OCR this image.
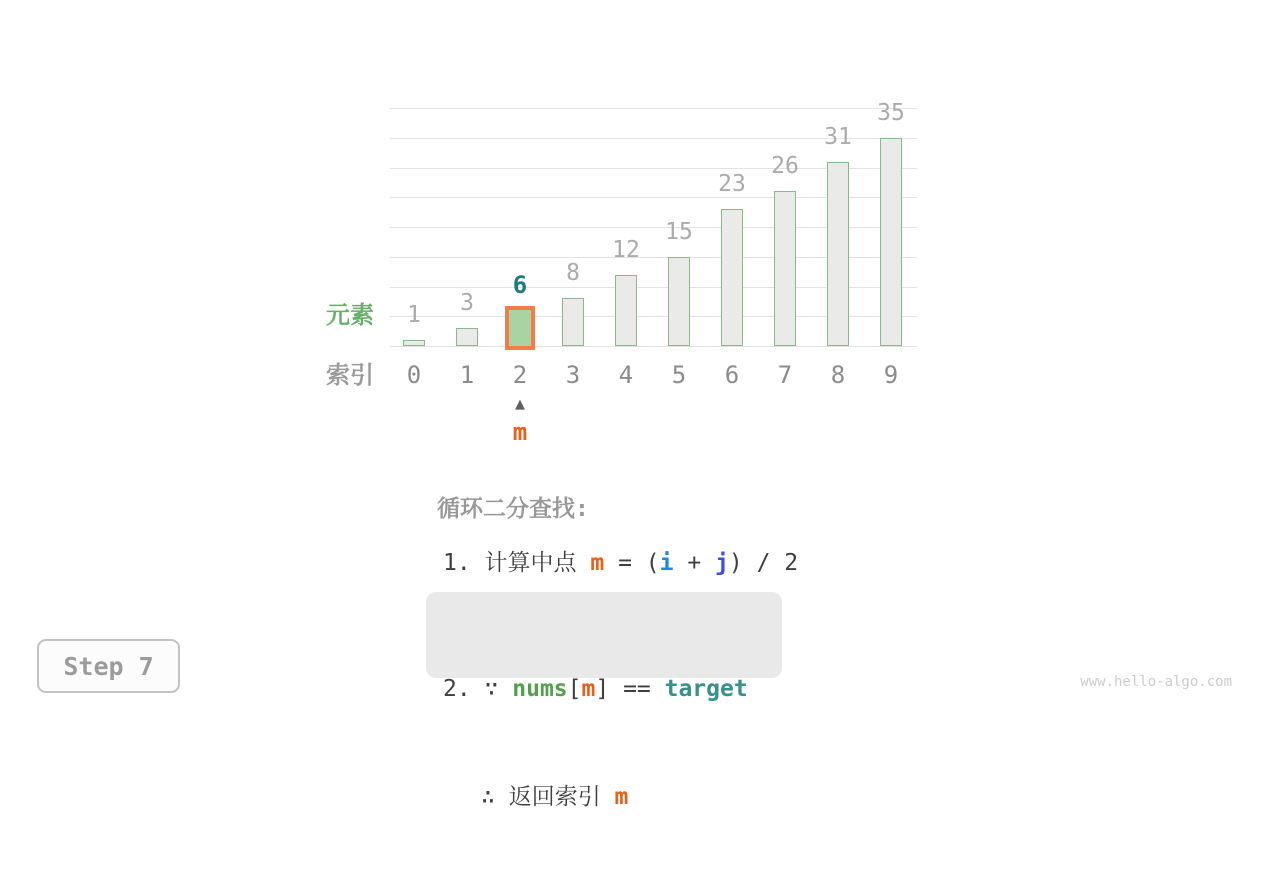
元素
索引
▲
m
1
0
3
1
6
2
8
3
12
4
15
5
23
6
26
7
31
8
35
9
循环二分查找:
1. 计算中点 m = (i + j) / 2

2. ∵ nums[m] == target

∴ 返回索引 m

Step 7
www.hello-algo.com
